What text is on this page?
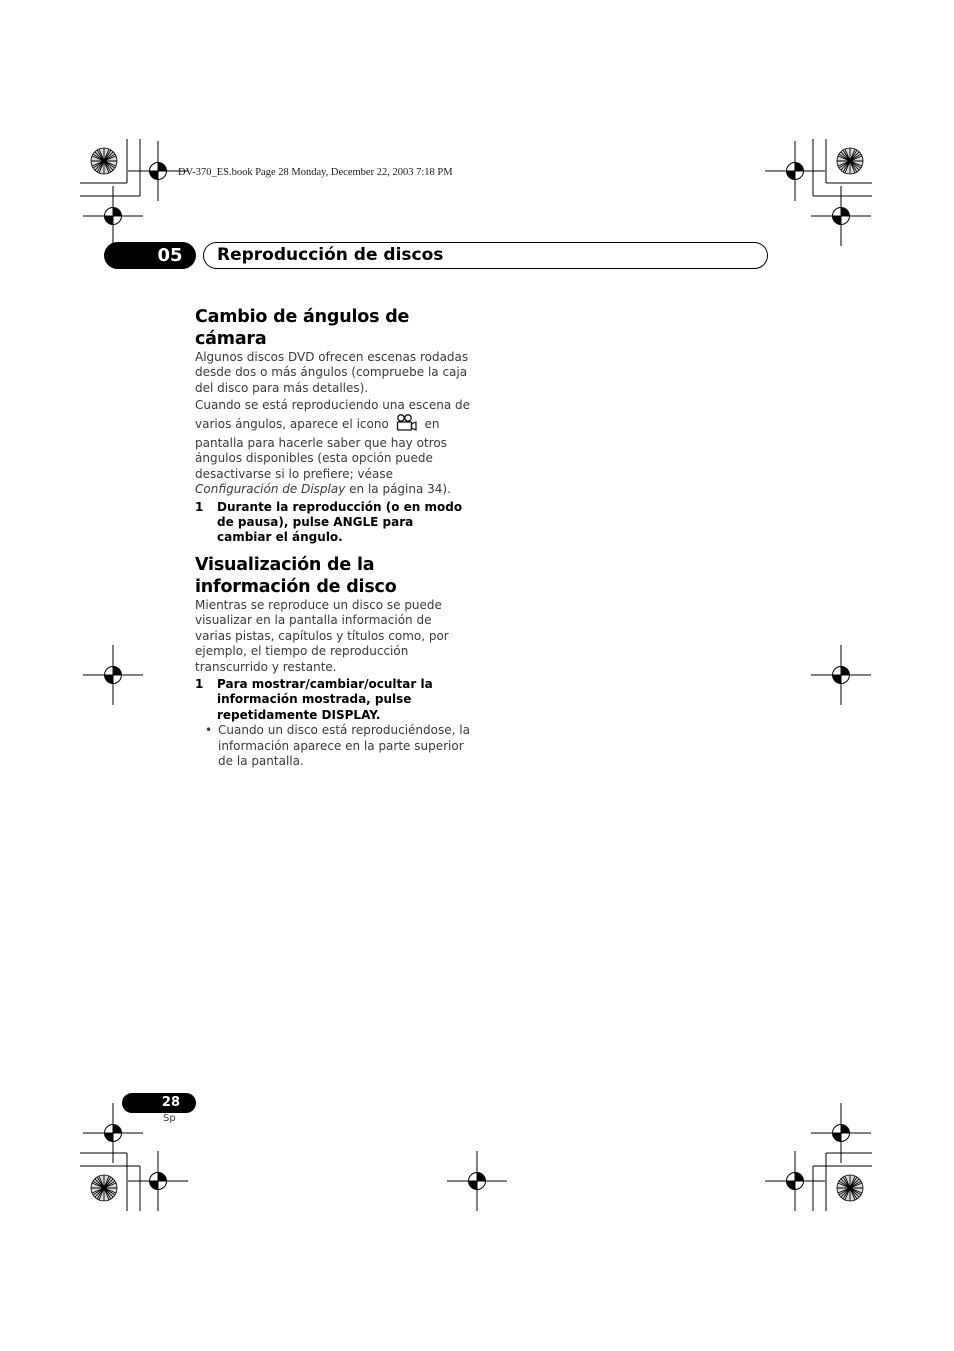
DV-370_ES.book Page 28 Monday, December 22, 2003 7:18 PM
05	Reproducción de discos
Cambio de ángulos de cámara

Algunos discos DVD ofrecen escenas rodadas desde dos o más ángulos (compruebe la caja del disco para más detalles).

Cuando se está reproduciendo una escena de varios ángulos, aparece el icono	en pantalla para hacerle saber que hay otros ángulos disponibles (esta opción puede desactivarse si lo prefiere; véase Configuración de Display en la página 34).

1	Durante la reproducción (o en modo de pausa), pulse ANGLE para cambiar el ángulo.
Visualización de la información de disco

Mientras se reproduce un disco se puede visualizar en la pantalla información de varias pistas, capítulos y títulos como, por ejemplo, el tiempo de reproducción transcurrido y restante.

1	Para mostrar/cambiar/ocultar la información mostrada, pulse repetidamente DISPLAY.
• Cuando un disco está reproduciéndose, la información aparece en la parte superior de la pantalla.
28
Sp
